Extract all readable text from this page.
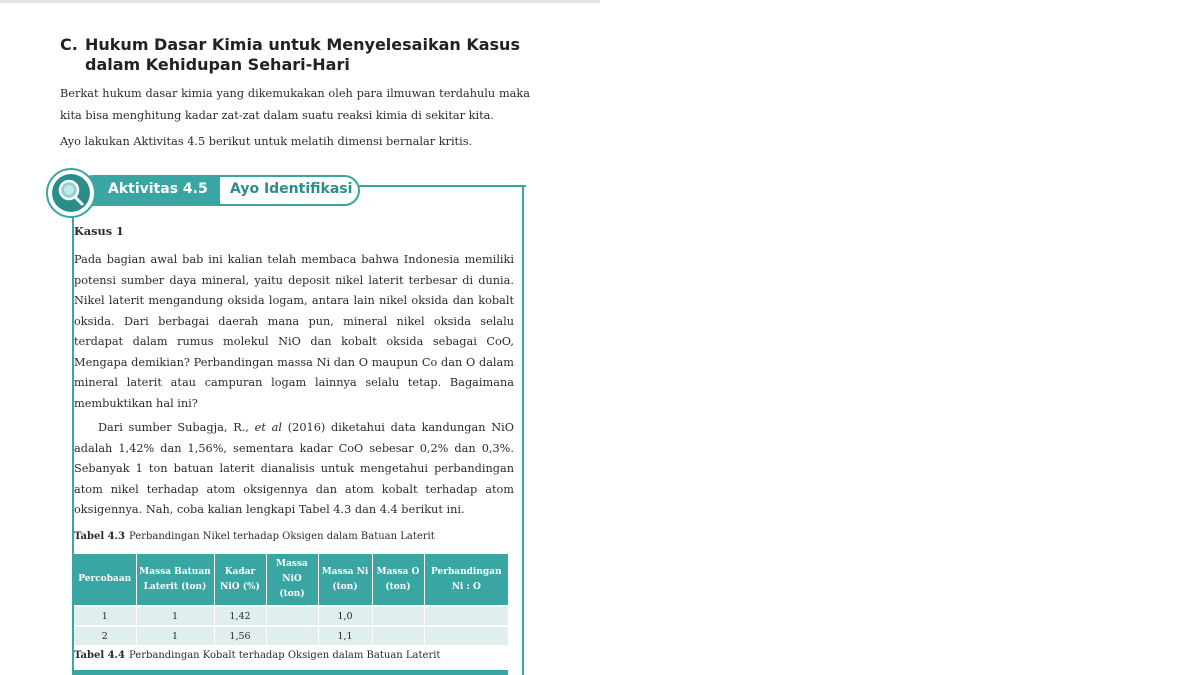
C. Hukum Dasar Kimia untuk Menyelesaikan Kasus dalam Kehidupan Sehari-Hari

Berkat hukum dasar kimia yang dikemukakan oleh para ilmuwan terdahulu maka kita bisa menghitung kadar zat-zat dalam suatu reaksi kimia di sekitar kita.

Ayo lakukan Aktivitas 4.5 berikut untuk melatih dimensi bernalar kritis.

Aktivitas 4.5 Ayo Identifikasi

Kasus 1

Pada bagian awal bab ini kalian telah membaca bahwa Indonesia memiliki potensi sumber daya mineral, yaitu deposit nikel laterit terbesar di dunia. Nikel laterit mengandung oksida logam, antara lain nikel oksida dan kobalt oksida. Dari berbagai daerah mana pun, mineral nikel oksida selalu terdapat dalam rumus molekul NiO dan kobalt oksida sebagai CoO, Mengapa demikian? Perbandingan massa Ni dan O maupun Co dan O dalam mineral laterit atau campuran logam lainnya selalu tetap. Bagaimana membuktikan hal ini?

Dari sumber Subagja, R., et al (2016) diketahui data kandungan NiO adalah 1,42% dan 1,56%, sementara kadar CoO sebesar 0,2% dan 0,3%. Sebanyak 1 ton batuan laterit dianalisis untuk mengetahui perbandingan atom nikel terhadap atom oksigennya dan atom kobalt terhadap atom oksigennya. Nah, coba kalian lengkapi Tabel 4.3 dan 4.4 berikut ini.

Tabel 4.3 Perbandingan Nikel terhadap Oksigen dalam Batuan Laterit

Percobaan	Massa Batuan Laterit (ton)	Kadar NiO (%)	Massa NiO (ton)	Massa Ni (ton)	Massa O (ton)	Perbandingan Ni : O
1	1	1,42		1,0		
2	1	1,56		1,1		

Tabel 4.4 Perbandingan Kobalt terhadap Oksigen dalam Batuan Laterit
